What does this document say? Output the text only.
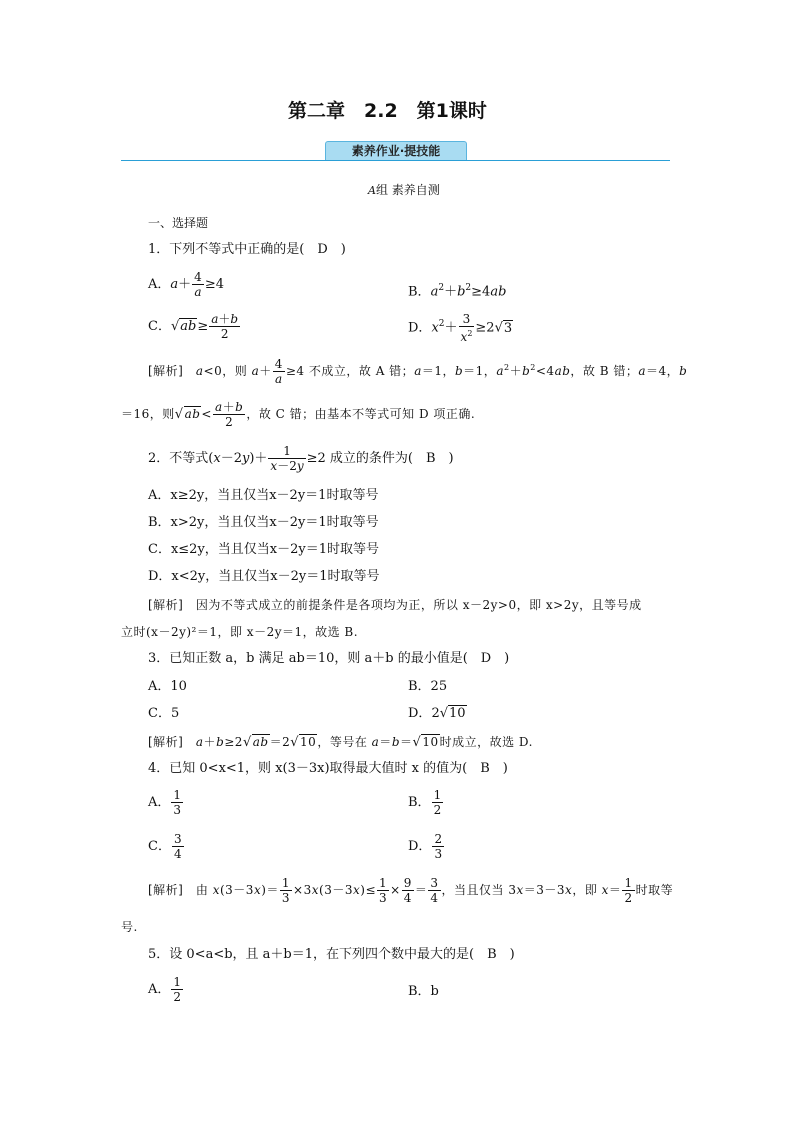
第二章　2.2　第1课时
素养作业·提技能
A组 素养自测
一、选择题
1．下列不等式中正确的是(　D　)
A．$a+ \frac{4}{a} \ge 4$	B．$a^2+b^2\ge 4ab$
C．$√ab\ge \frac{a+b}{2}$	D．$x^2+ \frac{3}{x^2} \ge 2√3$
[解析]　 a<0，则 $a+ \frac{4}{a} \ge 4$ 不成立，故 A 错；a＝1，b＝1，$a^2+b^2<4ab$，故 B 错；a＝4，b
＝16，则$√ab< \frac{a+b}{2}$ ，故 C 错；由基本不等式可知 D 项正确.
2．不等式$(x-2y)+ \frac{1}{x-2y} \ge 2$ 成立的条件为(　B　)
A．x≥2y，当且仅当x－2y＝1时取等号
B．x>2y，当且仅当x－2y＝1时取等号
C．x≤2y，当且仅当x－2y＝1时取等号
D．x<2y，当且仅当x－2y＝1时取等号
[解析]　 因为不等式成立的前提条件是各项均为正，所以 x－2y>0，即 x>2y，且等号成
立时(x－2y)²＝1，即 x－2y＝1，故选 B.
3．已知正数 a，b 满足 ab＝10，则 a＋b 的最小值是(　D　)
A．10	B．25
C．5	D．2√10
[解析]　 a＋b≥2√ab＝2√10，等号在 a＝b＝√10时成立，故选 D.
4．已知 0<x<1，则 x(3－3x)取得最大值时 x 的值为(　B　)
A． $\frac{1}{3}$	B． $\frac{1}{2}$
C． $\frac{3}{4}$	D． $\frac{2}{3}$
[解析]　由 $x(3-3x)= \frac{1}{3} \times 3x(3-3x)\le \frac{1}{3} \times \frac{9}{4} = \frac{3}{4}$ ，当且仅当 3x＝3－3x，即 $x= \frac{1}{2}$ 时取等
号.
5．设 0<a<b，且 a＋b＝1，在下列四个数中最大的是(　B　)
A． $\frac{1}{2}$	B．b
